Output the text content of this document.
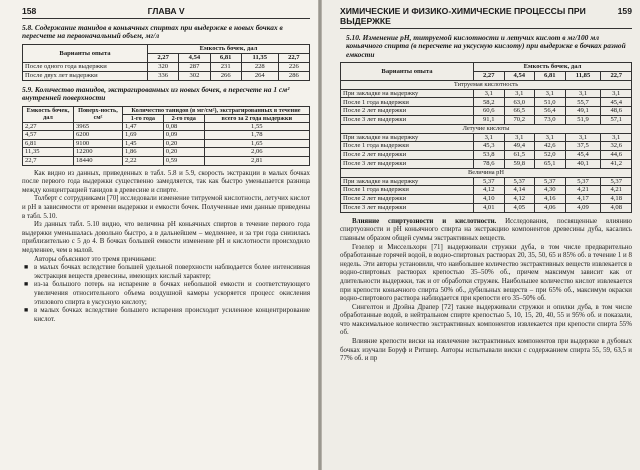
158	ГЛАВА V
5.8. Содержание танидов в коньячных спиртах при выдержке в новых бочках в пересчете на первоначальный объем, мг/л
Варианты опыта	Емкость бочек, дал				
	2,27	4,54	6,81	11,35	22,7
После одного года выдержки	320	287	231	228	226
После двух лет выдержки	336	302	266	264	286
5.9. Количество танидов, экстрагированных из новых бочек, в пересчете на 1 см² внутренней поверхности
Емкость бочек, дал	Поверх-ность, см²	Количество танидов (в мг/см²), экстрагированных в течение		
		1-го года	2-го года	всего за 2 года выдержки
2,27	3965	1,47	0,08	1,55
4,57	6200	1,69	0,09	1,78
6,81	9100	1,45	0,20	1,65
11,35	12200	1,86	0,20	2,06
22,7	18440	2,22	0,59	2,81

Как видно из данных, приведенных в табл. 5.8 и 5.9, скорость экстракции в малых бочках после первого года выдержки существенно замедляется, так как быстро уменьшается разница между концентрацией танидов в древесине и спирте.

Толберт с сотрудниками [70] исследовали изменение титруемой кислотности, летучих кислот и pH в зависимости от времени выдержки и емкости бочек. Полученные ими данные приведены в табл. 5.10.

Из данных табл. 5.10 видно, что величина pH коньячных спиртов в течение первого года выдержки уменьшалась довольно быстро, а в дальнейшем – медленнее, и за три года снизилась приблизительно с 5 до 4. В бочках большей емкости изменение pH и кислотности происходило медленнее, чем в малой.

Авторы объясняют это тремя причинами:

■ в малых бочках вследствие большей удельной поверхности наблюдается более интенсивная экстракция веществ древесины, имеющих кислый характер;
■ из-за большого потерь на испарение в бочках небольшой емкости и соответствующего увеличения относительного объема воздушной камеры ускоряется процесс окисления этилового спирта в уксусную кислоту;
■ в малых бочках вследствие большего испарения происходит усиленное концентрирование кислот.
ХИМИЧЕСКИЕ И ФИЗИКО-ХИМИЧЕСКИЕ ПРОЦЕССЫ ПРИ ВЫДЕРЖКЕ
159
5.10. Изменение pH, титруемой кислотности и летучих кислот в мг/100 мл коньячного спирта (в пересчете на уксусную кислоту) при выдержке в бочках разной емкости
Варианты опыта	Емкость бочек, дал				
	2,27	4,54	6,81	11,85	22,7
Титруемая кислотность					
При закладке на выдержку	3,1	3,1	3,1	3,1	3,1
После 1 года выдержки	58,2	63,0	51,0	55,7	45,4
После 2 лет выдержки	60,6	66,5	56,4	49,1	48,6
После 3 лет выдержки	91,1	70,2	73,0	51,9	57,1
Летучие кислоты					
При закладке на выдержку	3,1	3,1	3,1	3,1	3,1
После 1 года выдержки	45,3	49,4	42,6	37,5	32,6
После 2 лет выдержки	53,8	61,5	52,0	45,4	44,6
После 3 лет выдержки	78,6	59,8	65,1	40,1	41,2
Величина pH					
При закладке на выдержку	5,37	5,37	5,37	5,37	5,37
После 1 года выдержки	4,12	4,14	4,30	4,21	4,21
После 2 лет выдержки	4,10	4,12	4,16	4,17	4,18
После 3 лет выдержки	4,01	4,05	4,06	4,09	4,08

Влияние спиртуозности и кислотности. Исследования, посвященные влиянию спиртуозности и pH коньячного спирта на экстракцию компонентов древесины дуба, касались главным образом общей суммы экстрактивных веществ.

Гезелер и Миссельхорн [71] выдерживали стружки дуба, в том числе предварительно обработанные горячей водой, в водно-спиртовых растворах 20, 35, 50, 65 и 85% об. в течение 1 и 8 недель. Эти авторы установили, что наибольшее количество экстрактивных веществ извлекается в водно-спиртовых растворах крепостью 35–50% об., причем максимум зависит как от длительности выдержки, так и от обработки стружек. Наибольшее количество кислот извлекается при крепости коньячного спирта 50% об., дубильных веществ – при 65% об., максимум окраски водно-спиртового раствора наблюдается при крепости его 35–50% об.

Сингелтон и Дрэйна Драпер [72] также выдерживали стружки и опилки дуба, в том числе обработанные водой, в нейтральном спирте крепостью 5, 10, 15, 20, 40, 55 и 95% об. и показали, что максимальное количество экстрактивных компонентов извлекается при крепости спирта 55% об.

Влияние крепости виски на извлечение экстрактивных компонентов при выдержке в дубовых бочках изучали Боруф и Ритшер. Авторы испытывали виски с содержанием спирта 55, 59, 63,5 и 77% об. и пр
